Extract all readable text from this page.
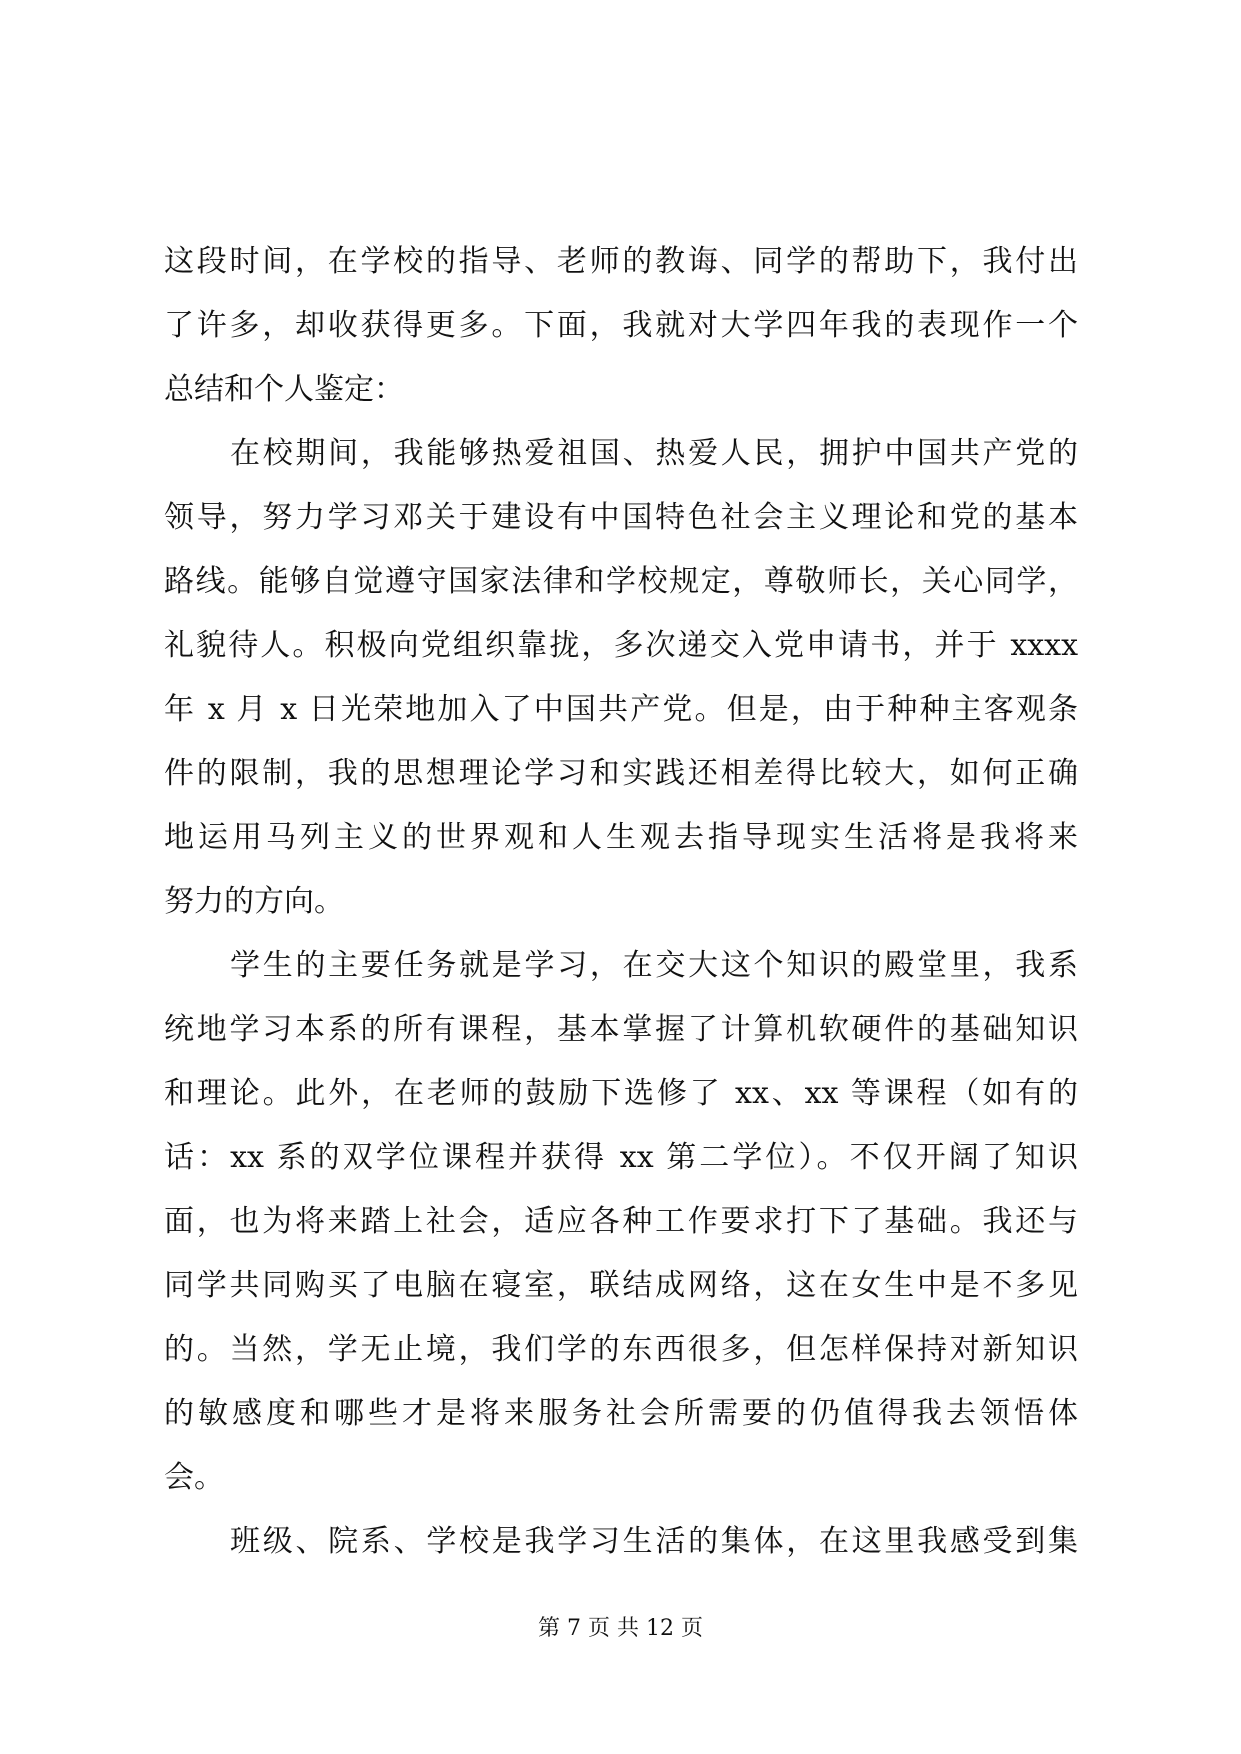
这段时间，在学校的指导、老师的教诲、同学的帮助下，我付出
了许多，却收获得更多。下面，我就对大学四年我的表现作一个
总结和个人鉴定：
在校期间，我能够热爱祖国、热爱人民，拥护中国共产党的
领导，努力学习邓关于建设有中国特色社会主义理论和党的基本
路线。能够自觉遵守国家法律和学校规定，尊敬师长，关心同学，
礼貌待人。积极向党组织靠拢，多次递交入党申请书，并于 xxxx
年 x 月 x 日光荣地加入了中国共产党。但是，由于种种主客观条
件的限制，我的思想理论学习和实践还相差得比较大，如何正确
地运用马列主义的世界观和人生观去指导现实生活将是我将来
努力的方向。
学生的主要任务就是学习，在交大这个知识的殿堂里，我系
统地学习本系的所有课程，基本掌握了计算机软硬件的基础知识
和理论。此外，在老师的鼓励下选修了 xx、xx 等课程（如有的
话：xx 系的双学位课程并获得 xx 第二学位）。不仅开阔了知识
面，也为将来踏上社会，适应各种工作要求打下了基础。我还与
同学共同购买了电脑在寝室，联结成网络，这在女生中是不多见
的。当然，学无止境，我们学的东西很多，但怎样保持对新知识
的敏感度和哪些才是将来服务社会所需要的仍值得我去领悟体
会。
班级、院系、学校是我学习生活的集体，在这里我感受到集
第 7 页 共 12 页
